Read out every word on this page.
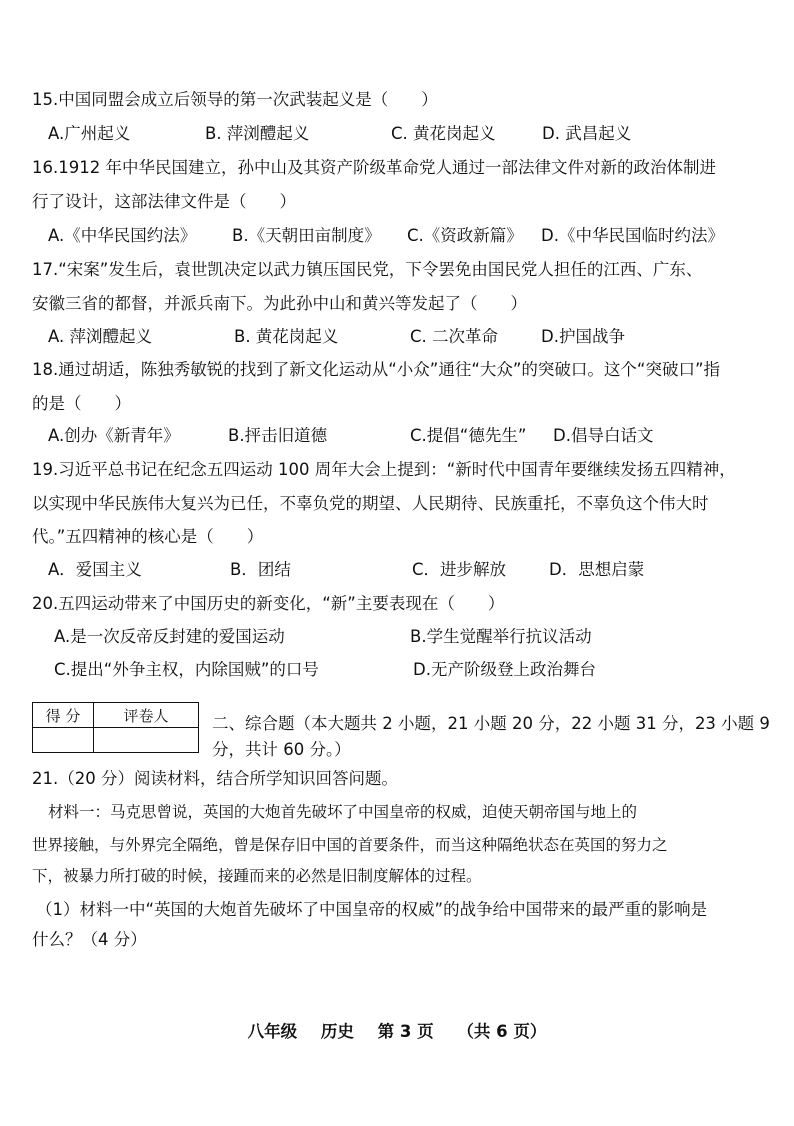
15.中国同盟会成立后领导的第一次武装起义是（　　）
A.广州起义	B. 萍浏醴起义	C. 黄花岗起义	D. 武昌起义
16.1912 年中华民国建立，孙中山及其资产阶级革命党人通过一部法律文件对新的政治体制进
行了设计，这部法律文件是（　　）
A.《中华民国约法》 B.《天朝田亩制度》 C.《资政新篇》 D.《中华民国临时约法》
17.“宋案”发生后，袁世凯决定以武力镇压国民党，下令罢免由国民党人担任的江西、广东、
安徽三省的都督，并派兵南下。为此孙中山和黄兴等发起了（　　）
A. 萍浏醴起义	B. 黄花岗起义	C. 二次革命	D.护国战争
18.通过胡适，陈独秀敏锐的找到了新文化运动从“小众”通往“大众”的突破口。这个“突破口”指
的是（　　）
A.创办《新青年》	B.抨击旧道德	C.提倡“德先生” D.倡导白话文
19.习近平总书记在纪念五四运动 100 周年大会上提到：“新时代中国青年要继续发扬五四精神，
以实现中华民族伟大复兴为已任，不辜负党的期望、人民期待、民族重托，不辜负这个伟大时
代。”五四精神的核心是（　　）
A．爱国主义	B．团结	C．进步解放	D．思想启蒙
20.五四运动带来了中国历史的新变化，“新”主要表现在（　　）
A.是一次反帝反封建的爱国运动	B.学生觉醒举行抗议活动
C.提出“外争主权，内除国贼”的口号	D.无产阶级登上政治舞台
得 分	评卷人
		二、综合题（本大题共 2 小题，21 小题 20 分，22 小题 31 分，23 小题 9 分，共计 60 分。）
21.（20 分）阅读材料，结合所学知识回答问题。
材料一：马克思曾说，英国的大炮首先破坏了中国皇帝的权威，迫使天朝帝国与地上的
世界接触，与外界完全隔绝，曾是保存旧中国的首要条件，而当这种隔绝状态在英国的努力之
下，被暴力所打破的时候，接踵而来的必然是旧制度解体的过程。
（1）材料一中“英国的大炮首先破坏了中国皇帝的权威”的战争给中国带来的最严重的影响是
什么？（4 分）
八年级 历史 第 3 页 （共 6 页）
